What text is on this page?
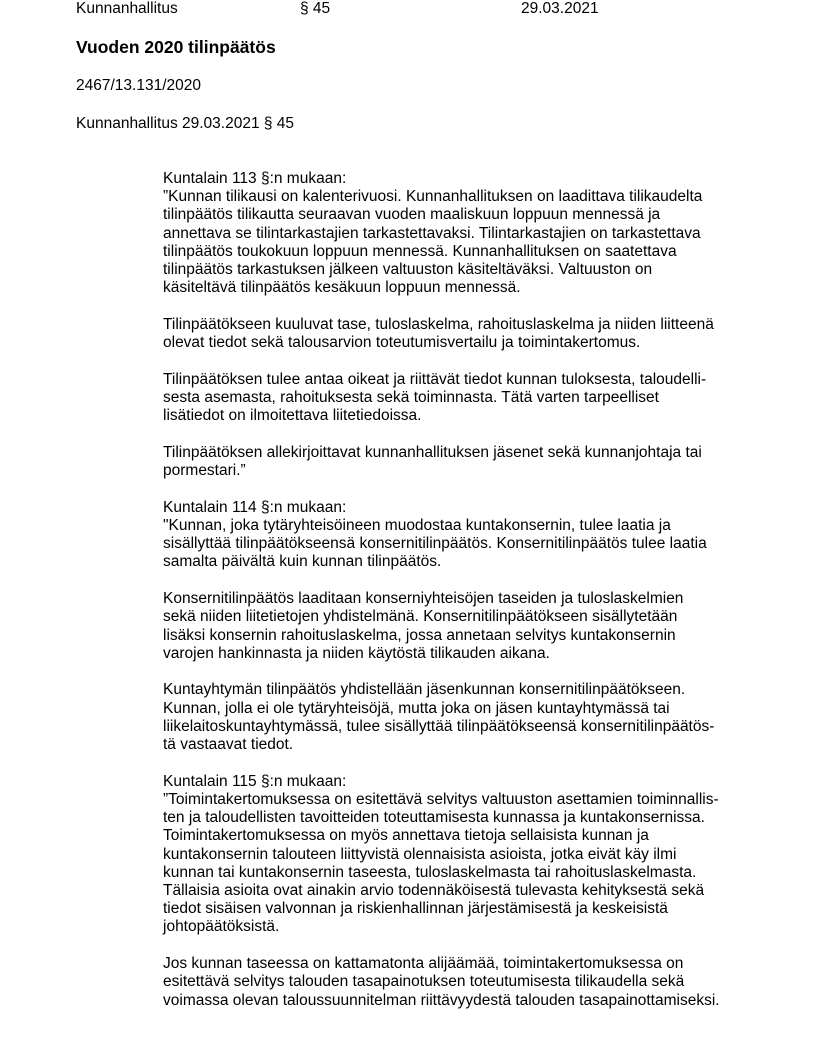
Kunnanhallitus	§ 45	29.03.2021
Vuoden 2020 tilinpäätös
2467/13.131/2020
Kunnanhallitus 29.03.2021 § 45
Kuntalain 113 §:n mukaan:
”Kunnan tilikausi on kalenterivuosi. Kunnanhallituksen on laadittava tilikaudelta
tilinpäätös tilikautta seuraavan vuoden maaliskuun loppuun mennessä ja
annettava se tilintarkastajien tarkastettavaksi. Tilintarkastajien on tarkastettava
tilinpäätös toukokuun loppuun mennessä. Kunnanhallituksen on saatettava
tilinpäätös tarkastuksen jälkeen valtuuston käsiteltäväksi. Valtuuston on
käsiteltävä tilinpäätös kesäkuun loppuun mennessä.
Tilinpäätökseen kuuluvat tase, tuloslaskelma, rahoituslaskelma ja niiden liitteenä
olevat tiedot sekä talousarvion toteutumisvertailu ja toimintakertomus.
Tilinpäätöksen tulee antaa oikeat ja riittävät tiedot kunnan tuloksesta, taloudelli-
sesta asemasta, rahoituksesta sekä toiminnasta. Tätä varten tarpeelliset
lisätiedot on ilmoitettava liitetiedoissa.
Tilinpäätöksen allekirjoittavat kunnanhallituksen jäsenet sekä kunnanjohtaja tai
pormestari.”
Kuntalain 114 §:n mukaan:
"Kunnan, joka tytäryhteisöineen muodostaa kuntakonsernin, tulee laatia ja
sisällyttää tilinpäätökseensä konsernitilinpäätös. Konsernitilinpäätös tulee laatia
samalta päivältä kuin kunnan tilinpäätös.
Konsernitilinpäätös laaditaan konserniyhteisöjen taseiden ja tuloslaskelmien
sekä niiden liitetietojen yhdistelmänä. Konsernitilinpäätökseen sisällytetään
lisäksi konsernin rahoituslaskelma, jossa annetaan selvitys kuntakonsernin
varojen hankinnasta ja niiden käytöstä tilikauden aikana.
Kuntayhtymän tilinpäätös yhdistellään jäsenkunnan konsernitilinpäätökseen.
Kunnan, jolla ei ole tytäryhteisöjä, mutta joka on jäsen kuntayhtymässä tai
liikelaitoskuntayhtymässä, tulee sisällyttää tilinpäätökseensä konsernitilinpäätös-
tä vastaavat tiedot.
Kuntalain 115 §:n mukaan:
”Toimintakertomuksessa on esitettävä selvitys valtuuston asettamien toiminnallis-
ten ja taloudellisten tavoitteiden toteuttamisesta kunnassa ja kuntakonsernissa.
Toimintakertomuksessa on myös annettava tietoja sellaisista kunnan ja
kuntakonsernin talouteen liittyvistä olennaisista asioista, jotka eivät käy ilmi
kunnan tai kuntakonsernin taseesta, tuloslaskelmasta tai rahoituslaskelmasta.
Tällaisia asioita ovat ainakin arvio todennäköisestä tulevasta kehityksestä sekä
tiedot sisäisen valvonnan ja riskienhallinnan järjestämisestä ja keskeisistä
johtopäätöksistä.
Jos kunnan taseessa on kattamatonta alijäämää, toimintakertomuksessa on
esitettävä selvitys talouden tasapainotuksen toteutumisesta tilikaudella sekä
voimassa olevan taloussuunnitelman riittävyydestä talouden tasapainottamiseksi.
